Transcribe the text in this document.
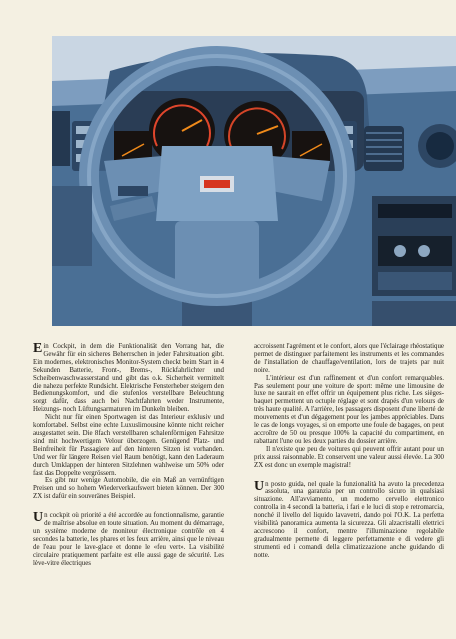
Ein Cockpit, in dem die Funktionalität den Vorrang hat, die Gewähr für ein sicheres Beherrschen in jeder Fahrsituation gibt. Ein modernes, elektronisches Monitor-System checkt beim Start in 4 Sekunden Batterie, Front-, Brems-, Rückfahrlichter und Scheibenwaschwasserstand und gibt das o.k. Sicherheit vermittelt die nahezu perfekte Rundsicht. Elektrische Fensterheber steigern den Bedienungskomfort, und die stufenlos verstellbare Beleuchtung sorgt dafür, dass auch bei Nachtfahrten weder Instrumente, Heizungs- noch Lüftungsarmaturen im Dunkeln bleiben.

Nicht nur für einen Sportwagen ist das Interieur exklusiv und komfortabel. Selbst eine echte Luxuslimousine könnte nicht reicher ausgestattet sein. Die 8fach verstellbaren schalenförmigen Fahrsitze sind mit hochwertigem Velour überzogen. Genügend Platz- und Beinfreiheit für Passagiere auf den hinteren Sitzen ist vorhanden. Und wer für längere Reisen viel Raum benötigt, kann den Laderaum durch Umklappen der hinteren Sitzlehnen wahlweise um 50% oder fast das Doppelte vergrössern.

Es gibt nur wenige Automobile, die ein Maß an vernünftigen Preisen und so hohem Wiederverkaufswert bieten können. Der 300 ZX ist dafür ein souveränes Beispiel.

Un cockpit où priorité a été accordée au fonctionnalisme, garantie de maîtrise absolue en toute situation. Au moment du démarrage, un système moderne de moniteur électronique contrôle en 4 secondes la batterie, les phares et les feux arrière, ainsi que le niveau de l'eau pour le lave-glace et donne le «feu vert». La visibilité circulaire pratiquement parfaite est elle aussi gage de sécurité. Les lève-vitre électriques

accroissent l'agrément et le confort, alors que l'éclairage rhéostatique permet de distinguer parfaitement les instruments et les commandes de l'installation de chauffage/ventilation, lors de trajets par nuit noire.

L'intérieur est d'un raffinement et d'un confort remarquables. Pas seulement pour une voiture de sport: même une limousine de luxe ne saurait en effet offrir un équipement plus riche. Les sièges-baquet permettent un octuple réglage et sont drapés d'un velours de très haute qualité. A l'arrière, les passagers disposent d'une liberté de mouvements et d'un dégagement pour les jambes appréciables. Dans le cas de longs voyages, si on emporte une foule de bagages, on peut accroître de 50 ou presque 100% la capacité du compartiment, en rabattant l'une ou les deux parties du dossier arrière.

Il n'existe que peu de voitures qui peuvent offrir autant pour un prix aussi raisonnable. Et conservent une valeur aussi élevée. La 300 ZX est donc un exemple magistral!

Un posto guida, nel quale la funzionalità ha avuto la precedenza assoluta, una garanzia per un controllo sicuro in qualsiasi situazione. All'avviamento, un moderno cervello elettronico controlla in 4 secondi la batteria, i fari e le luci di stop e retromarcia, nonché il livello del liquido lavavetri, dando poi l'O.K. La perfetta visibilità panoramica aumenta la sicurezza. Gli alzacristalli elettrici accrescono il confort, mentre l'illuminazione regolabile gradualmente permette di leggere perfettamente e di vedere gli strumenti ed i comandi della climatizzazione anche guidando di notte.
